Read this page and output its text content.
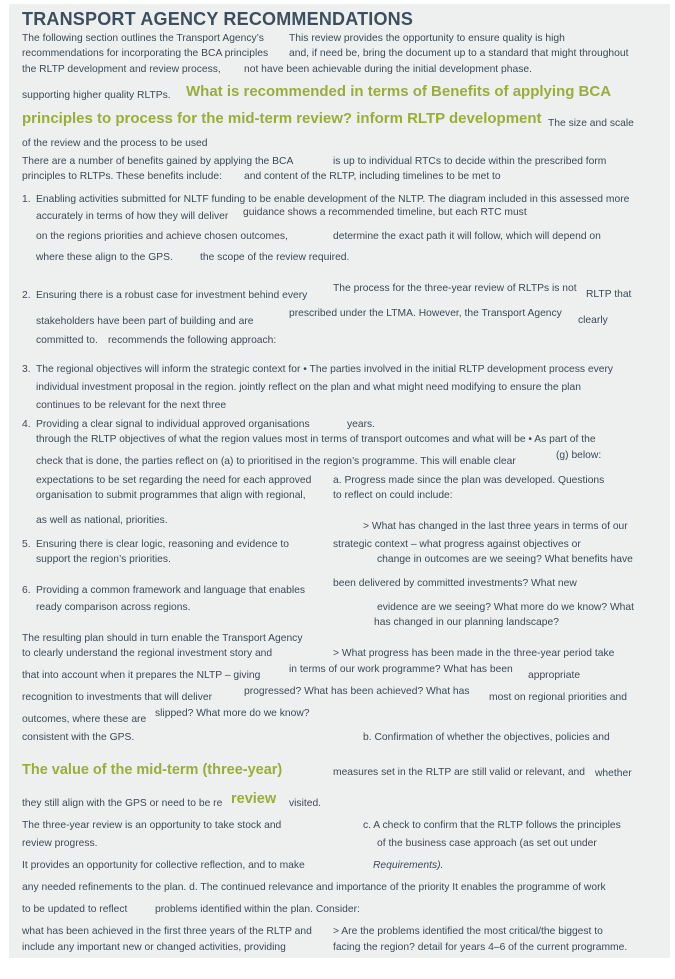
TRANSPORT AGENCY RECOMMENDATIONS
The following section outlines the Transport Agency’s This review provides the opportunity to ensure quality is high
recommendations for incorporating the BCA principles and, if need be, bring the document up to a standard that might throughout
the RLTP development and review process, not have been achievable during the initial development phase.
supporting higher quality RLTPs. What is recommended in terms of Benefits of applying BCA
principles to process for the mid-term review? inform RLTP development The size and scale
of the review and the process to be used
There are a number of benefits gained by applying the BCA	is up to individual RTCs to decide within the prescribed form
principles to RLTPs. These benefits include: and content of the RLTP, including timelines to be met to
1. Enabling activities submitted for NLTF funding to be enable development of the NLTP. The diagram included in this assessed more
accurately in terms of how they will deliver guidance shows a recommended timeline, but each RTC must
on the regions priorities and achieve chosen outcomes,	determine the exact path it will follow, which will depend on
where these align to the GPS.	the scope of the review required.
2. Ensuring there is a robust case for investment behind every
The process for the three-year review of RLTPs is not
RLTP that
stakeholders have been part of building and are
prescribed under the LTMA. However, the Transport Agency
clearly
committed to. recommends the following approach:
3. The regional objectives will inform the strategic context for • The parties involved in the initial RLTP development process every
individual investment proposal in the region. jointly reflect on the plan and what might need modifying to ensure the plan
continues to be relevant for the next three
4. Providing a clear signal to individual approved organisations	years.
through the RLTP objectives of what the region values most in terms of transport outcomes and what will be • As part of the
check that is done, the parties reflect on (a) to prioritised in the region’s programme. This will enable clear
(g) below:
expectations to be set regarding the need for each approved a. Progress made since the plan was developed. Questions
organisation to submit programmes that align with regional,	to reflect on could include:
as well as national, priorities.
> What has changed in the last three years in terms of our
5. Ensuring there is clear logic, reasoning and evidence to	strategic context – what progress against objectives or
support the region’s priorities.	change in outcomes are we seeing? What benefits have
6. Providing a common framework and language that enables
been delivered by committed investments? What new
ready comparison across regions.	evidence are we seeing? What more do we know? What
has changed in our planning landscape?
The resulting plan should in turn enable the Transport Agency
to clearly understand the regional investment story and	> What progress has been made in the three-year period take
that into account when it prepares the NLTP – giving
in terms of our work programme? What has been
appropriate
recognition to investments that will deliver
progressed? What has been achieved? What has
most on regional priorities and
outcomes, where these are
slipped? What more do we know?
consistent with the GPS.	b. Confirmation of whether the objectives, policies and
The value of the mid-term (three-year)	measures set in the RLTP are still valid or relevant, and whether
they still align with the GPS or need to be re review visited.
The three-year review is an opportunity to take stock and	c. A check to confirm that the RLTP follows the principles
review progress.	of the business case approach (as set out under
It provides an opportunity for collective reflection, and to make	Requirements).
any needed refinements to the plan. d. The continued relevance and importance of the priority It enables the programme of work
to be updated to reflect	problems identified within the plan. Consider:
what has been achieved in the first three years of the RLTP and > Are the problems identified the most critical/the biggest to
include any important new or changed activities, providing	facing the region? detail for years 4–6 of the current programme.
